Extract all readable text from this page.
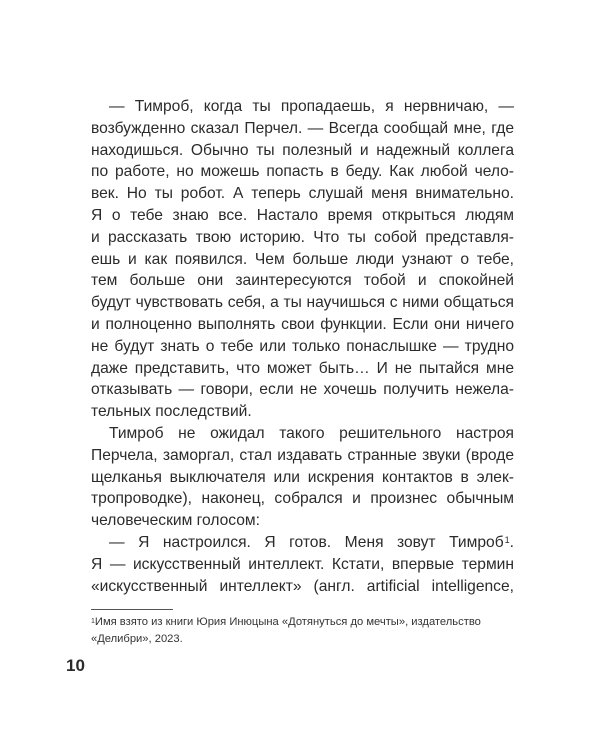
— Тимроб, когда ты пропадаешь, я нервничаю, —
возбужденно сказал Перчел. — Всегда сообщай мне, где
находишься. Обычно ты полезный и надежный коллега
по работе, но можешь попасть в беду. Как любой чело-
век. Но ты робот. А теперь слушай меня внимательно.
Я о тебе знаю все. Настало время открыться людям
и рассказать твою историю. Что ты собой представля-
ешь и как появился. Чем больше люди узнают о тебе,
тем больше они заинтересуются тобой и спокойней
будут чувствовать себя, а ты научишься с ними общаться
и полноценно выполнять свои функции. Если они ничего
не будут знать о тебе или только понаслышке — трудно
даже представить, что может быть… И не пытайся мне
отказывать — говори, если не хочешь получить нежела-
тельных последствий.
Тимроб не ожидал такого решительного настроя
Перчела, заморгал, стал издавать странные звуки (вроде
щелканья выключателя или искрения контактов в элек-
тропроводке), наконец, собрался и произнес обычным
человеческим голосом:
— Я настроился. Я готов. Меня зовут Тимроб$^1$.
Я — искусственный интеллект. Кстати, впервые термин
«искусственный интеллект» (англ. artificial intelligence,
$^1$Имя взято из книги Юрия Инюцына «Дотянуться до мечты», издательство
«Делибри», 2023.
10
